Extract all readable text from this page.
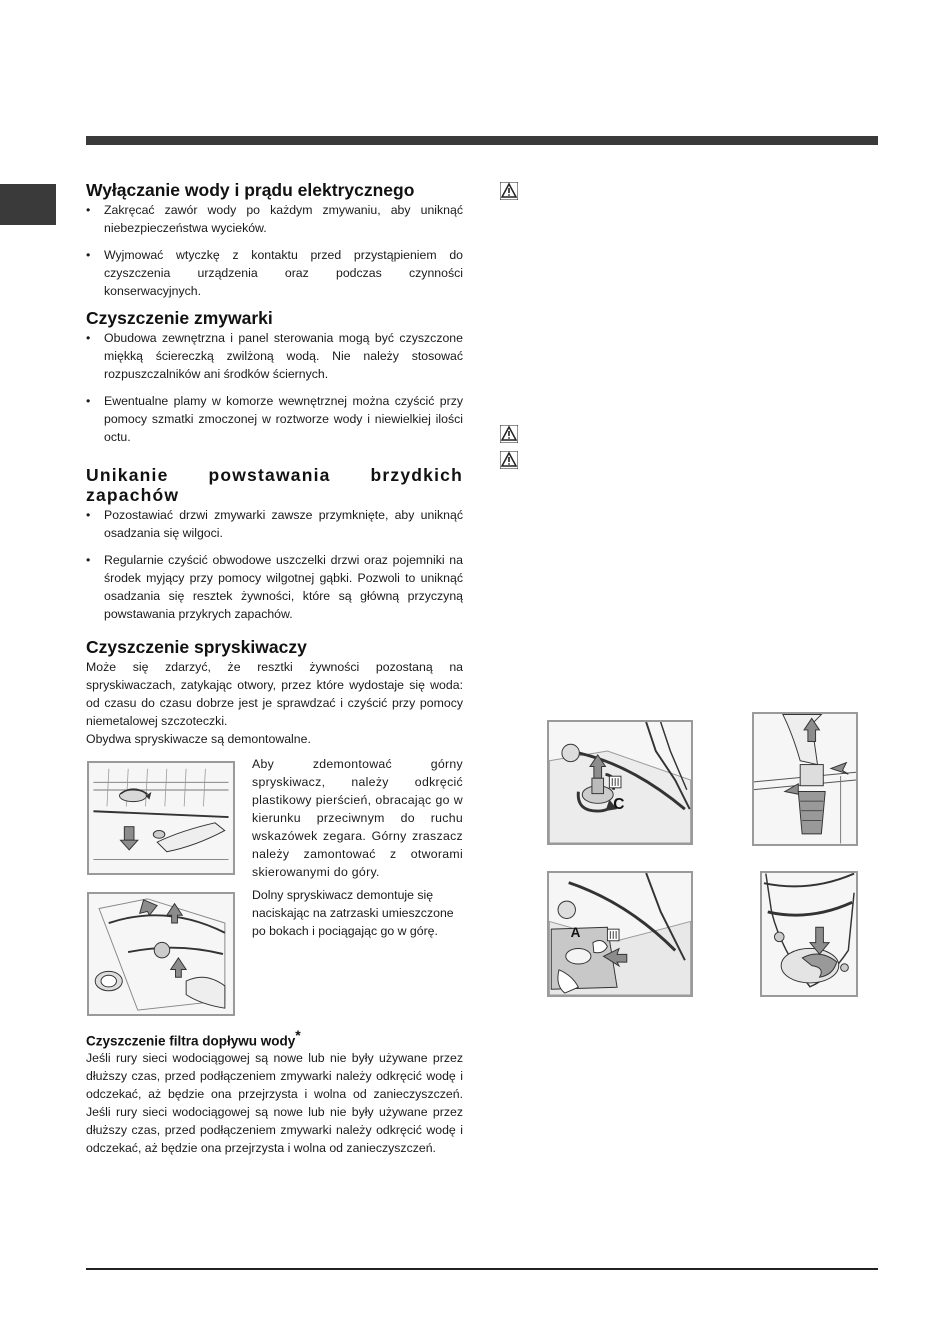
Wyłączanie wody i prądu elektrycznego
• Zakręcać zawór wody po każdym zmywaniu, aby uniknąć niebezpieczeństwa wycieków.
• Wyjmować wtyczkę z kontaktu przed przystąpieniem do czyszczenia urządzenia oraz podczas czynności konserwacyjnych.
Czyszczenie zmywarki
• Obudowa zewnętrzna i panel sterowania mogą być czyszczone miękką ściereczką zwilżoną wodą. Nie należy stosować rozpuszczalników ani środków ściernych.
• Ewentualne plamy w komorze wewnętrznej można czyścić przy pomocy szmatki zmoczonej w roztworze wody i niewielkiej ilości octu.
Unikanie powstawania brzydkich zapachów
• Pozostawiać drzwi zmywarki zawsze przymknięte, aby uniknąć osadzania się wilgoci.
• Regularnie czyścić obwodowe uszczelki drzwi oraz pojemniki na środek myjący przy pomocy wilgotnej gąbki. Pozwoli to uniknąć osadzania się resztek żywności, które są główną przyczyną powstawania przykrych zapachów.
Czyszczenie spryskiwaczy

Może się zdarzyć, że resztki żywności pozostaną na spryskiwaczach, zatykając otwory, przez które wydostaje się woda: od czasu do czasu dobrze jest je sprawdzać i czyścić przy pomocy niemetalowej szczoteczki.

Obydwa spryskiwacze są demontowalne.

Aby zdemontować górny spryskiwacz, należy odkręcić plastikowy pierścień, obracając go w kierunku przeciwnym do ruchu wskazówek zegara. Górny zraszacz należy zamontować z otworami skierowanymi do góry.

Dolny spryskiwacz demontuje się naciskając na zatrzaski umieszczone po bokach i pociągając go w górę.

Czyszczenie filtra dopływu wody*

Jeśli rury sieci wodociągowej są nowe lub nie były używane przez dłuższy czas, przed podłączeniem zmywarki należy odkręcić wodę i odczekać, aż będzie ona przejrzysta i wolna od zanieczyszczeń. Jeśli rury sieci wodociągowej są nowe lub nie były używane przez dłuższy czas, przed podłączeniem zmywarki należy odkręcić wodę i odczekać, aż będzie ona przejrzysta i wolna od zanieczyszczeń.

C
A
